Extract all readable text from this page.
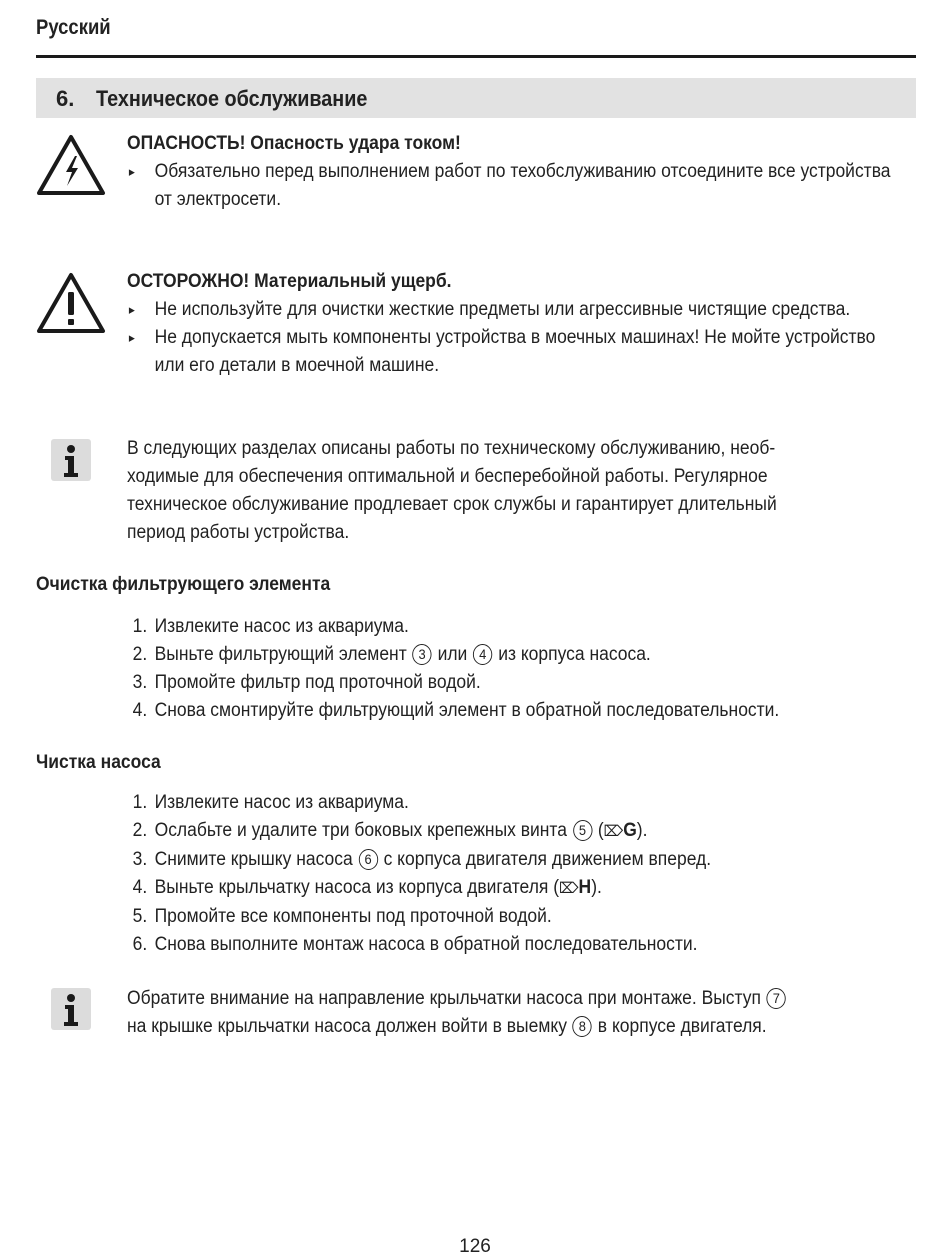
Русский
6. Техническое обслуживание
ОПАСНОСТЬ! Опасность удара током!
▸ Обязательно перед выполнением работ по техобслуживанию отсоедините все устройства от электросети.
ОСТОРОЖНО! Материальный ущерб.
▸ Не используйте для очистки жесткие предметы или агрессивные чистящие средства.
▸ Не допускается мыть компоненты устройства в моечных машинах! Не мойте устройство или его детали в моечной машине.
В следующих разделах описаны работы по техническому обслуживанию, необ-
ходимые для обеспечения оптимальной и бесперебойной работы. Регулярное
техническое обслуживание продлевает срок службы и гарантирует длительный
период работы устройства.
Очистка фильтрующего элемента
1. Извлеките насос из аквариума.
2. Выньте фильтрующий элемент 3 или 4 из корпуса насоса.
3. Промойте фильтр под проточной водой.
4. Снова смонтируйте фильтрующий элемент в обратной последовательности.
Чистка насоса
1. Извлеките насос из аквариума.
2. Ослабьте и удалите три боковых крепежных винта 5 (⌦G).
3. Снимите крышку насоса 6 с корпуса двигателя движением вперед.
4. Выньте крыльчатку насоса из корпуса двигателя (⌦H).
5. Промойте все компоненты под проточной водой.
6. Снова выполните монтаж насоса в обратной последовательности.
Обратите внимание на направление крыльчатки насоса при монтаже. Выступ 7
на крышке крыльчатки насоса должен войти в выемку 8 в корпусе двигателя.
126
